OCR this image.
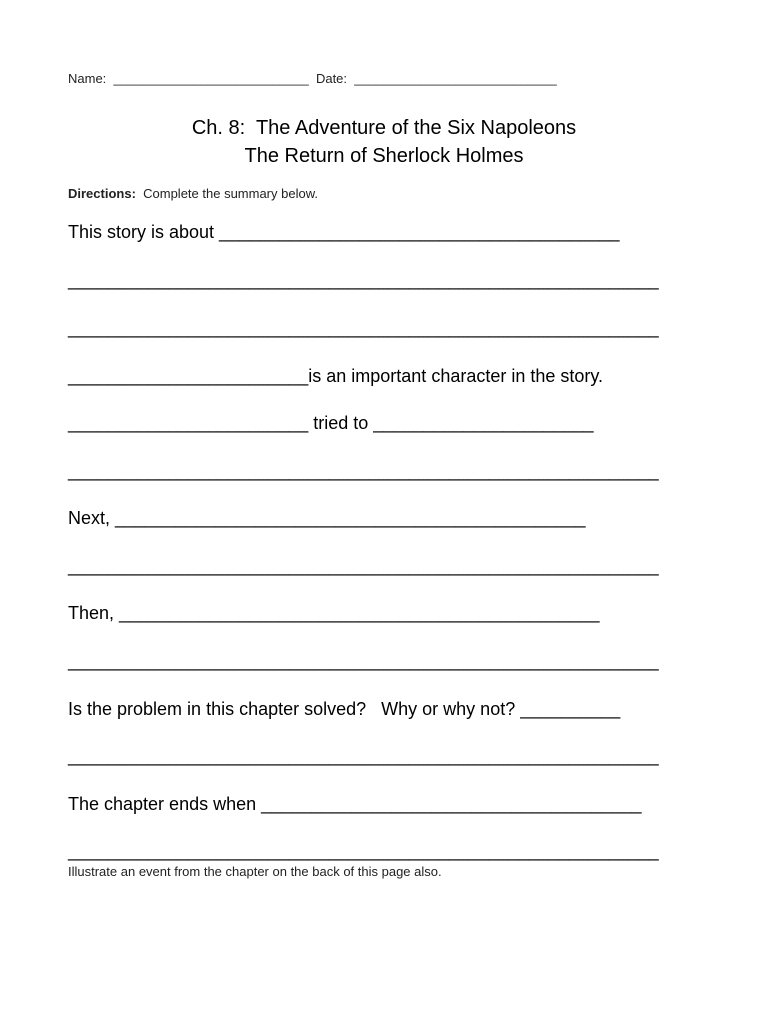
Name:  ___________________________  Date:  ____________________________
Ch. 8:  The Adventure of the Six Napoleons
The Return of Sherlock Holmes
Directions:  Complete the summary below.
This story is about ________________________________________
___________________________________________________________
___________________________________________________________
________________________is an important character in the story.
________________________ tried to ______________________
___________________________________________________________
Next, _______________________________________________
___________________________________________________________
Then, ________________________________________________
___________________________________________________________
Is the problem in this chapter solved?   Why or why not? __________
___________________________________________________________
The chapter ends when ______________________________________
___________________________________________________________
Illustrate an event from the chapter on the back of this page also.
